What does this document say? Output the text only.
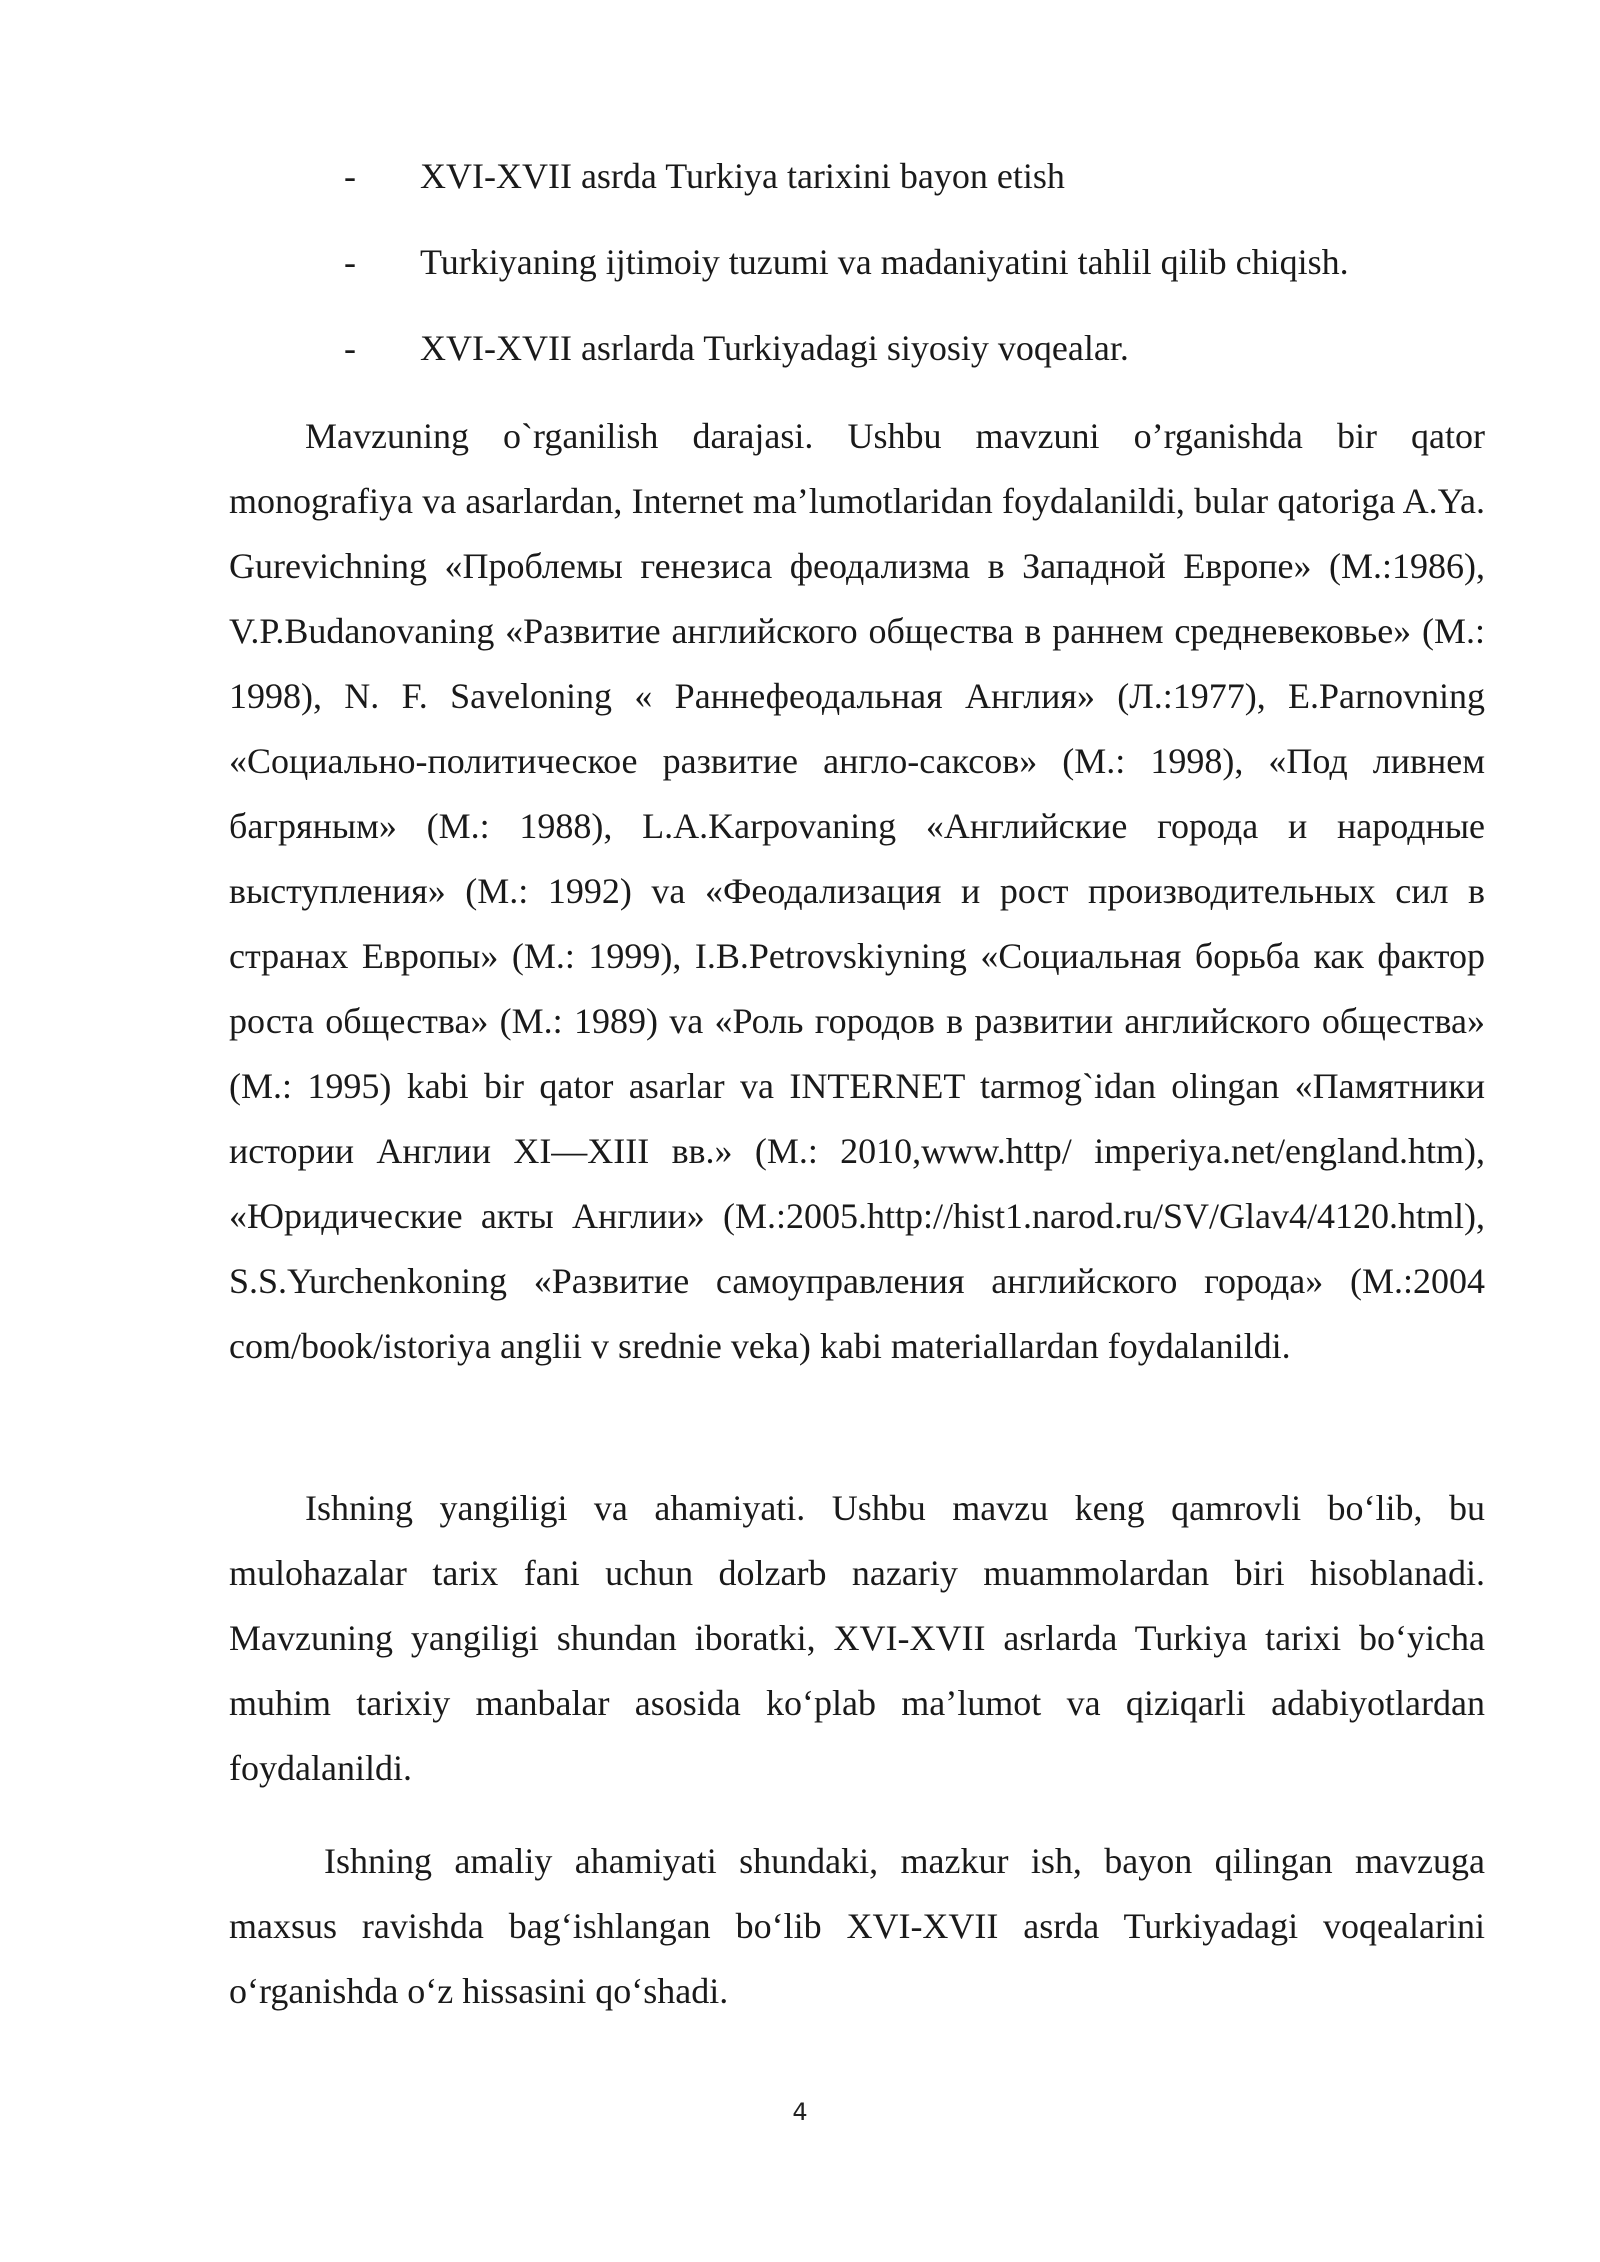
- XVI-XVII asrda Turkiya tarixini bayon etish
- Turkiyaning ijtimoiy tuzumi va madaniyatini tahlil qilib chiqish.
- XVI-XVII asrlarda Turkiyadagi siyosiy voqealar.

Mavzuning o`rganilish darajasi. Ushbu mavzuni o’rganishda bir qator monografiya va asarlardan, Internet ma’lumotlaridan foydalanildi, bular qatoriga A.Ya. Gurevichning «Проблемы генезиса феодализма в Западной Европе» (М.:1986), V.P.Budanovaning «Развитие английского общества в раннем средневековье» (М.: 1998), N. F. Saveloning « Раннефеодальная Англия» (Л.:1977), E.Parnovning «Социально-политическое развитие англо-саксов» (М.: 1998), «Под ливнем багряным» (М.: 1988), L.A.Karpovaning «Английские города и народные выступления» (М.: 1992) va «Феодализация и рост производительных сил в странах Европы» (М.: 1999), I.B.Petrovskiyning «Социальная борьба как фактор роста общества» (М.: 1989) va «Роль городов в развитии английского общества» (М.: 1995) kabi bir qator asarlar va INTERNET tarmog`idan olingan «Памятники истории Англии XI—XIII вв.» (М.: 2010,www.http/ imperiya.net/england.htm), «Юридические акты Англии» (М.:2005.http://hist1.narod.ru/SV/Glav4/4120.html), S.S.Yurchenkoning «Развитие самоуправления английского города» (М.:2004 com/book/istoriya anglii v srednie veka) kabi materiallardan foydalanildi.

Ishning yangiligi va ahamiyati. Ushbu mavzu keng qamrovli bo‘lib, bu mulohazalar tarix fani uchun dolzarb nazariy muammolardan biri hisoblanadi. Mavzuning yangiligi shundan iboratki, XVI-XVII asrlarda Turkiya tarixi bo‘yicha muhim tarixiy manbalar asosida ko‘plab ma’lumot va qiziqarli adabiyotlardan foydalanildi.

Ishning amaliy ahamiyati shundaki, mazkur ish, bayon qilingan mavzuga maxsus ravishda bag‘ishlangan bo‘lib XVI-XVII asrda Turkiyadagi voqealarini o‘rganishda o‘z hissasini qo‘shadi.

4
